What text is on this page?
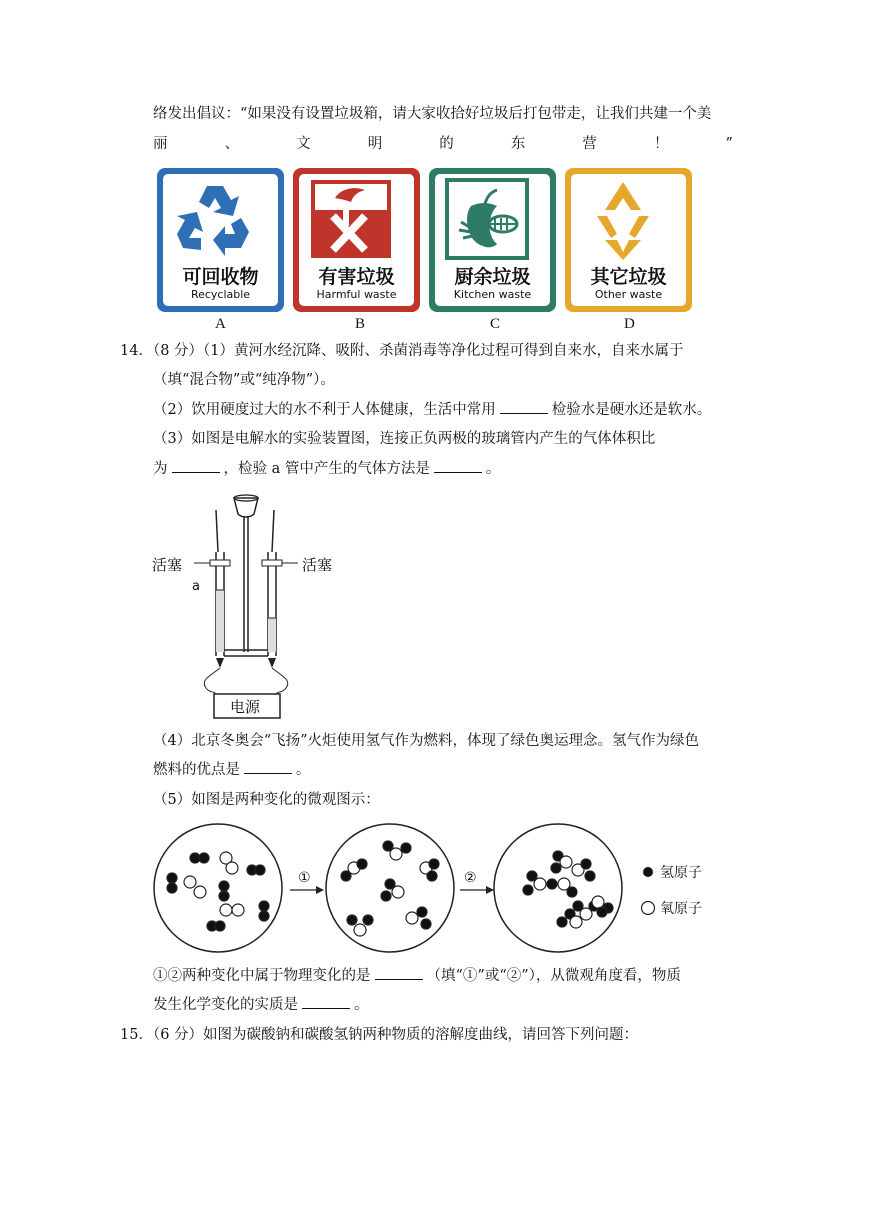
络发出倡议：“如果没有设置垃圾箱，请大家收拾好垃圾后打包带走，让我们共建一个美
丽	、	文	明	的	东	营	！	”
可回收物
Recyclable
A
有害垃圾
Harmful waste
B
厨余垃圾
Kitchen waste
C
其它垃圾
Other waste
D
14．（8 分）（1）黄河水经沉降、吸附、杀菌消毒等净化过程可得到自来水，自来水属于
（填“混合物”或“纯净物”）。
（2）饮用硬度过大的水不利于人体健康，生活中常用	检验水是硬水还是软水。
（3）如图是电解水的实验装置图，连接正负两极的玻璃管内产生的气体体积比
为	，检验 a 管中产生的气体方法是	。
活塞	活塞
a
电源
（4）北京冬奥会“飞扬”火炬使用氢气作为燃料，体现了绿色奥运理念。氢气作为绿色
燃料的优点是	。
（5）如图是两种变化的微观图示：
①	②	氢原子
氧原子
①②两种变化中属于物理变化的是	（填“①”或“②”），从微观角度看，物质
发生化学变化的实质是	。
15．（6 分）如图为碳酸钠和碳酸氢钠两种物质的溶解度曲线，请回答下列问题：
